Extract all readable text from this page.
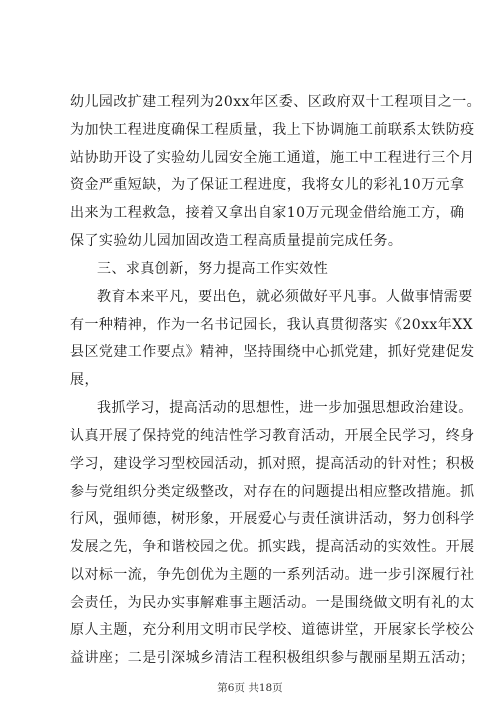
幼儿园改扩建工程列为20xx年区委、区政府双十工程项目之一。
为加快工程进度确保工程质量，我上下协调施工前联系太铁防疫
站协助开设了实验幼儿园安全施工通道，施工中工程进行三个月
资金严重短缺，为了保证工程进度，我将女儿的彩礼10万元拿
出来为工程救急，接着又拿出自家10万元现金借给施工方，确
保了实验幼儿园加固改造工程高质量提前完成任务。
三、求真创新，努力提高工作实效性
教育本来平凡，要出色，就必须做好平凡事。人做事情需要
有一种精神，作为一名书记园长，我认真贯彻落实《20xx年XX
县区党建工作要点》精神，坚持围绕中心抓党建，抓好党建促发
展，
我抓学习，提高活动的思想性，进一步加强思想政治建设。
认真开展了保持党的纯洁性学习教育活动，开展全民学习，终身
学习，建设学习型校园活动，抓对照，提高活动的针对性；积极
参与党组织分类定级整改，对存在的问题提出相应整改措施。抓
行风，强师德，树形象，开展爱心与责任演讲活动，努力创科学
发展之先，争和谐校园之优。抓实践，提高活动的实效性。开展
以对标一流，争先创优为主题的一系列活动。进一步引深履行社
会责任，为民办实事解难事主题活动。一是围绕做文明有礼的太
原人主题，充分利用文明市民学校、道德讲堂，开展家长学校公
益讲座；二是引深城乡清洁工程积极组织参与靓丽星期五活动；
第6页 共18页
